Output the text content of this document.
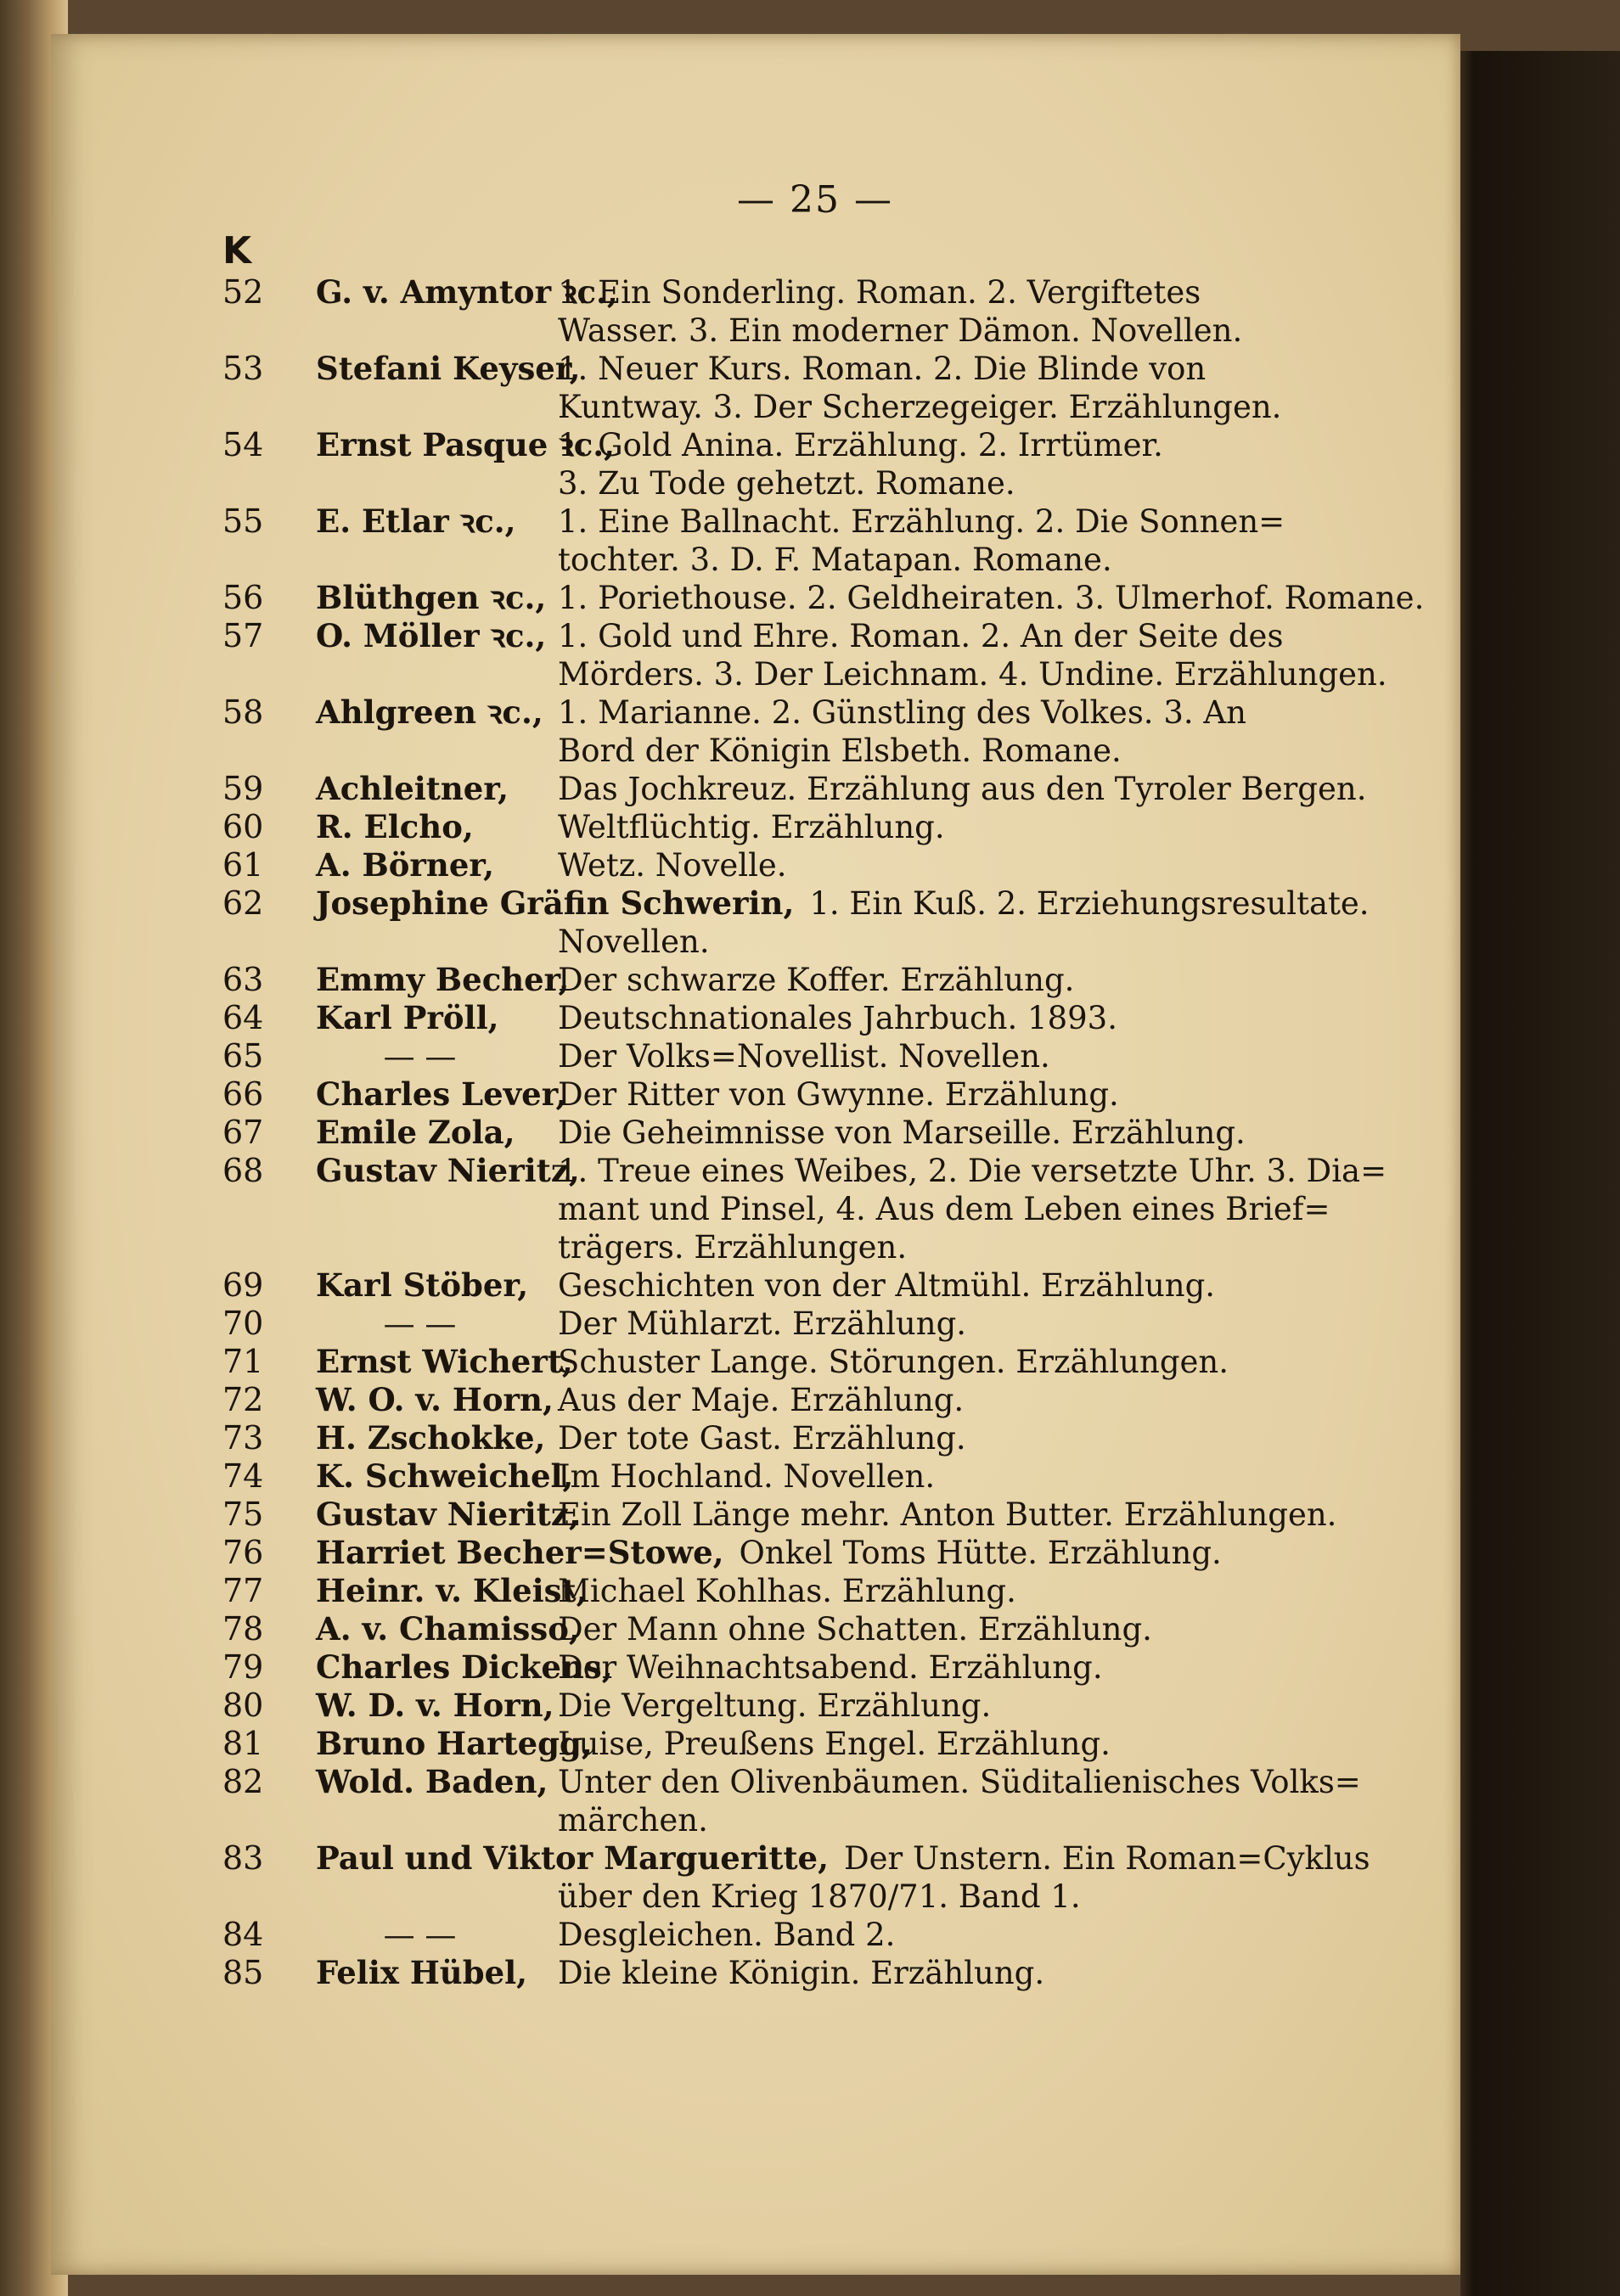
— 25 —
K
52	G. v. Amyntor ꝛc.,
1. Ein Sonderling. Roman. 2. Vergiftetes
Wasser. 3. Ein moderner Dämon. Novellen.
53	Stefani Keyser,
1. Neuer Kurs. Roman. 2. Die Blinde von
Kuntway. 3. Der Scherzegeiger. Erzählungen.
54	Ernst Pasque ꝛc.,
1. Gold Anina. Erzählung. 2. Irrtümer.
3. Zu Tode gehetzt. Romane.
55	E. Etlar ꝛc.,	1. Eine Ballnacht. Erzählung. 2. Die Sonnen=
tochter. 3. D. F. Matapan. Romane.
56	Blüthgen ꝛc., 1. Poriethouse. 2. Geldheiraten. 3. Ulmerhof. Romane.
57	O. Möller ꝛc., 1. Gold und Ehre. Roman. 2. An der Seite des
Mörders. 3. Der Leichnam. 4. Undine. Erzählungen.
58	Ahlgreen ꝛc., 1. Marianne. 2. Günstling des Volkes. 3. An
Bord der Königin Elsbeth. Romane.
59	Achleitner,	Das Jochkreuz. Erzählung aus den Tyroler Bergen.
60	R. Elcho,	Weltflüchtig. Erzählung.
61	A. Börner,	Wetz. Novelle.
62	Josephine Gräfin Schwerin, 1. Ein Kuß. 2. Erziehungsresultate.
Novellen.
63	Emmy Becher,
Der schwarze Koffer. Erzählung.
64	Karl Pröll,	Deutschnationales Jahrbuch. 1893.
65	— —	Der Volks=Novellist. Novellen.
66	Charles Lever,
Der Ritter von Gwynne. Erzählung.
67	Emile Zola,	Die Geheimnisse von Marseille. Erzählung.
68	Gustav Nieritz,
1. Treue eines Weibes, 2. Die versetzte Uhr. 3. Dia=
mant und Pinsel, 4. Aus dem Leben eines Brief=
trägers. Erzählungen.
69	Karl Stöber, Geschichten von der Altmühl. Erzählung.
70	— —	Der Mühlarzt. Erzählung.
71	Ernst Wichert,
Schuster Lange. Störungen. Erzählungen.
72	W. O. v. Horn, Aus der Maje. Erzählung.
73	H. Zschokke, Der tote Gast. Erzählung.
74	K. Schweichel,
Im Hochland. Novellen.
75	Gustav Nieritz,
Ein Zoll Länge mehr. Anton Butter. Erzählungen.
76	Harriet Becher=Stowe, Onkel Toms Hütte. Erzählung.
77	Heinr. v. Kleist,
Michael Kohlhas. Erzählung.
78	A. v. Chamisso,
Der Mann ohne Schatten. Erzählung.
79	Charles Dickens,
Der Weihnachtsabend. Erzählung.
80	W. D. v. Horn, Die Vergeltung. Erzählung.
81	Bruno Hartegg,
Luise, Preußens Engel. Erzählung.
82	Wold. Baden, Unter den Olivenbäumen. Süditalienisches Volks=
märchen.
83	Paul und Viktor Margueritte, Der Unstern. Ein Roman=Cyklus
über den Krieg 1870/71. Band 1.
84	— —	Desgleichen. Band 2.
85	Felix Hübel, Die kleine Königin. Erzählung.
